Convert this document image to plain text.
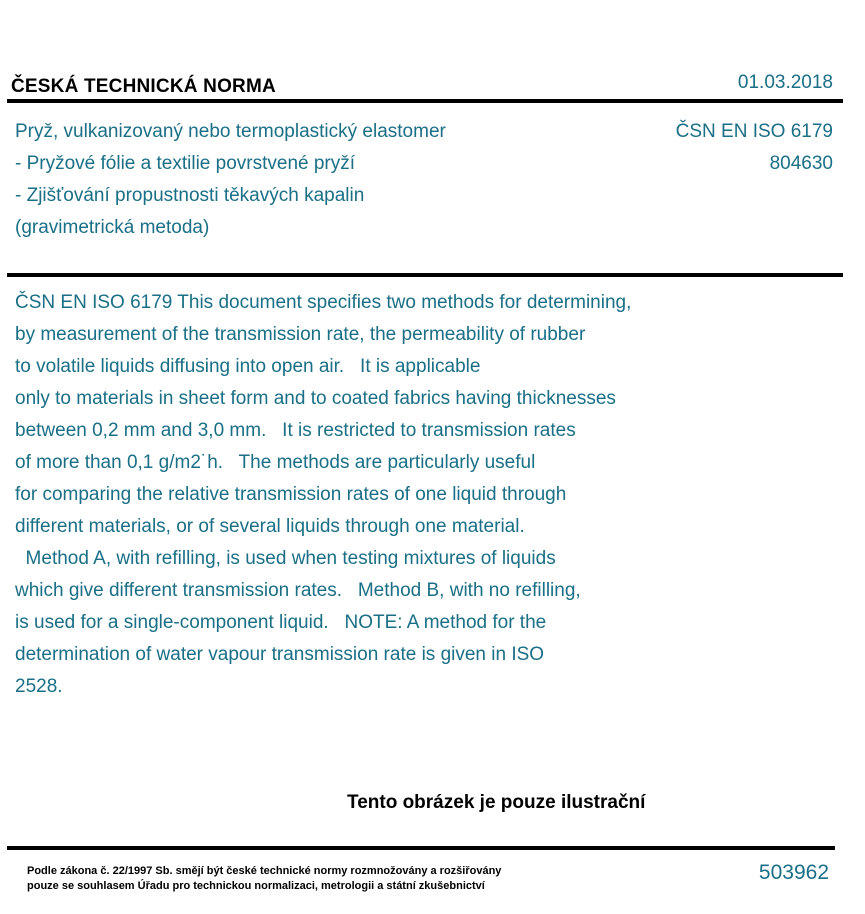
ČESKÁ TECHNICKÁ NORMA	01.03.2018
Pryž, vulkanizovaný nebo termoplastický elastomer
- Pryžové fólie a textilie povrstvené pryží
- Zjišťování propustnosti těkavých kapalin
(gravimetrická metoda)
ČSN EN ISO 6179
804630
ČSN EN ISO 6179 This document specifies two methods for determining,
by measurement of the transmission rate, the permeability of rubber
to volatile liquids diffusing into open air.   It is applicable
only to materials in sheet form and to coated fabrics having thicknesses
between 0,2 mm and 3,0 mm.   It is restricted to transmission rates
of more than 0,1 g/m2˙h.   The methods are particularly useful
for comparing the relative transmission rates of one liquid through
different materials, or of several liquids through one material.
Method A, with refilling, is used when testing mixtures of liquids
which give different transmission rates.   Method B, with no refilling,
is used for a single-component liquid.   NOTE: A method for the
determination of water vapour transmission rate is given in ISO
2528.
Tento obrázek je pouze ilustrační
Podle zákona č. 22/1997 Sb. smějí být české technické normy rozmnožovány a rozšiřovány
pouze se souhlasem Úřadu pro technickou normalizaci, metrologii a státní zkušebnictví
503962
